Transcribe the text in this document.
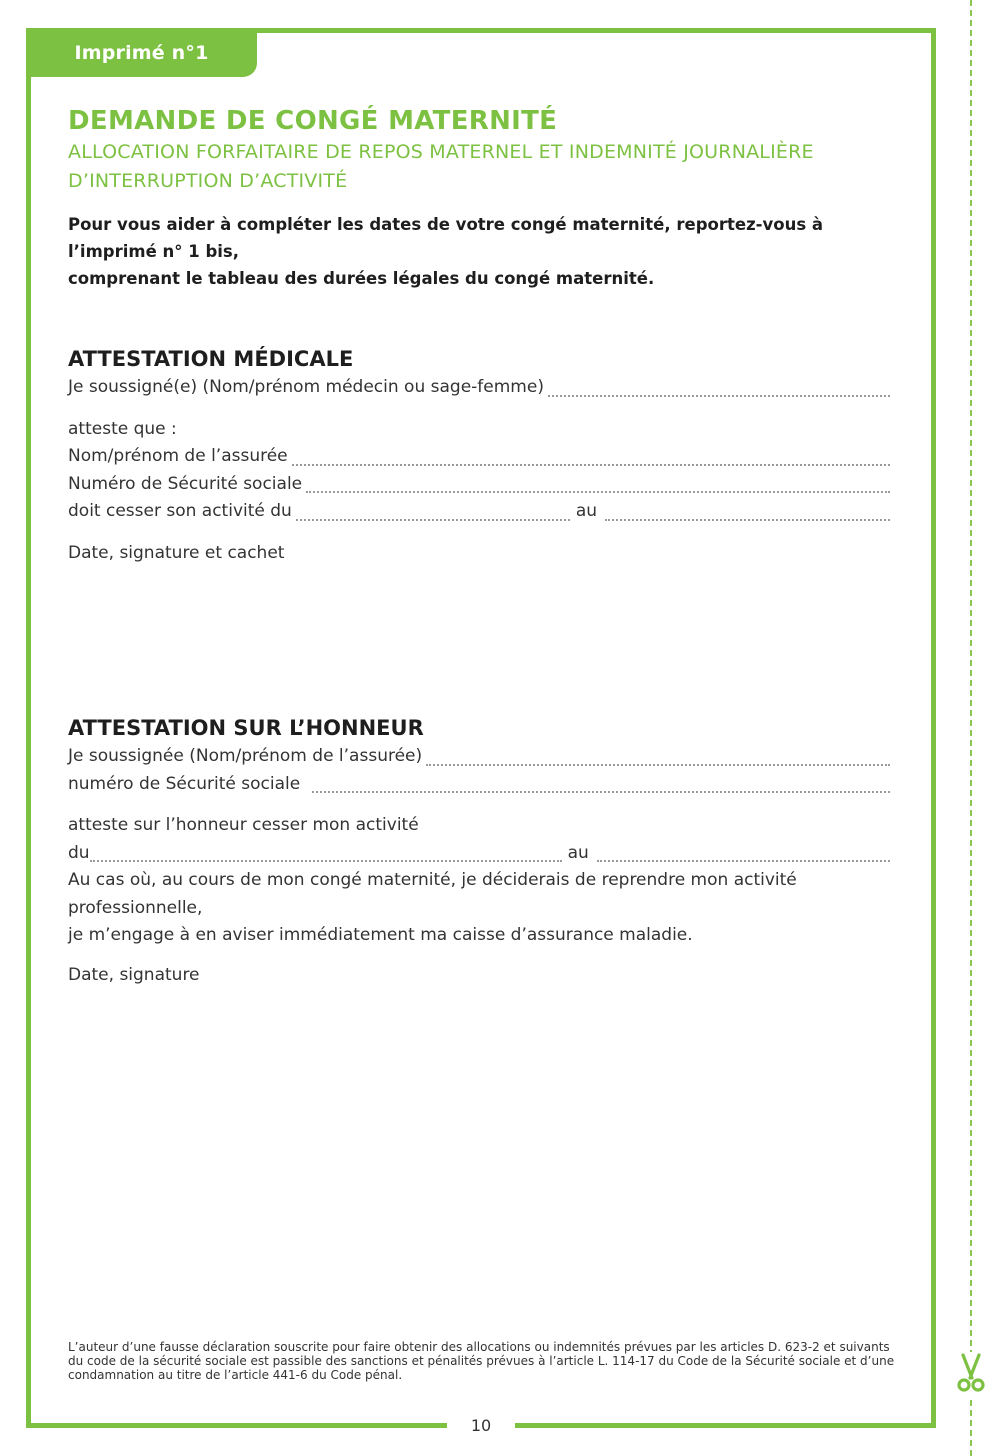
Imprimé n°1
10
DEMANDE DE CONGÉ MATERNITÉ
ALLOCATION FORFAITAIRE DE REPOS MATERNEL ET INDEMNITÉ JOURNALIÈRE
D’INTERRUPTION D’ACTIVITÉ
Pour vous aider à compléter les dates de votre congé maternité, reportez-vous à l’imprimé n° 1 bis,
comprenant le tableau des durées légales du congé maternité.
ATTESTATION MÉDICALE
Je soussigné(e) (Nom/prénom médecin ou sage-femme)
atteste que :
Nom/prénom de l’assurée
Numéro de Sécurité sociale
doit cesser son activité du	au
Date, signature et cachet
ATTESTATION SUR L’HONNEUR
Je soussignée (Nom/prénom de l’assurée)
numéro de Sécurité sociale
atteste sur l’honneur cesser mon activité
du	au
Au cas où, au cours de mon congé maternité, je déciderais de reprendre mon activité professionnelle,
je m’engage à en aviser immédiatement ma caisse d’assurance maladie.
Date, signature
L’auteur d’une fausse déclaration souscrite pour faire obtenir des allocations ou indemnités prévues par les articles D. 623-2 et suivants
du code de la sécurité sociale est passible des sanctions et pénalités prévues à l’article L. 114-17 du Code de la Sécurité sociale et d’une
condamnation au titre de l’article 441-6 du Code pénal.
